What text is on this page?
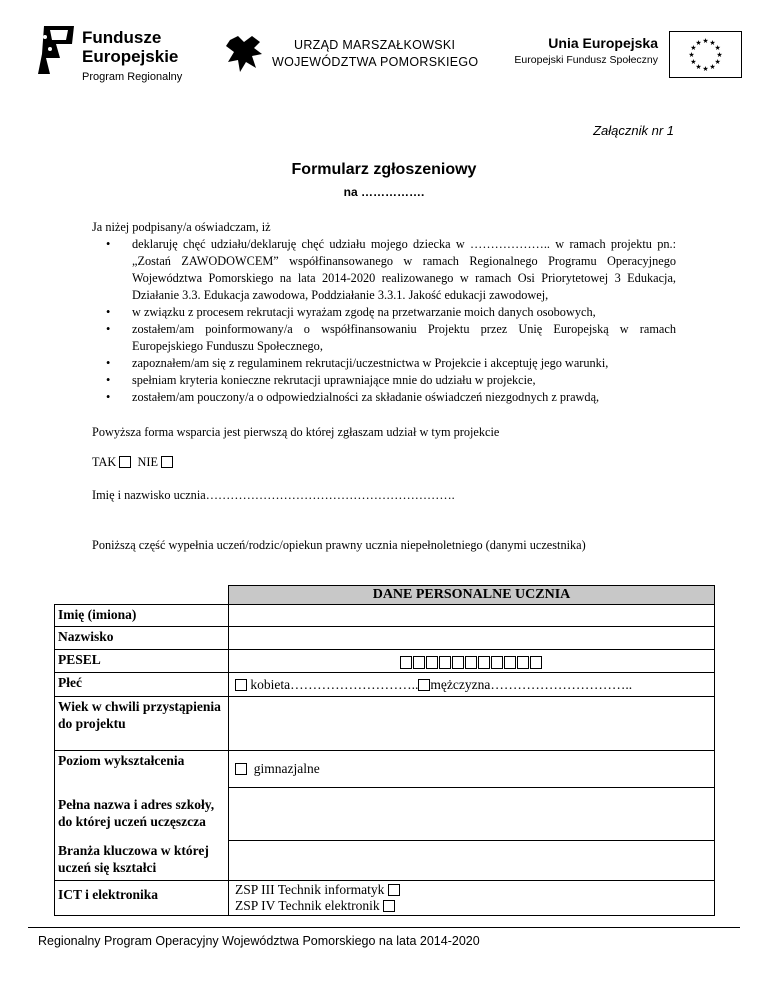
Fundusze
Europejskie
Program Regionalny
URZĄD MARSZAŁKOWSKI
WOJEWÓDZTWA POMORSKIEGO
Unia Europejska
Europejski Fundusz Społeczny
★ ★
★
★
★
★
★
★
★
★
★
★
Załącznik nr 1
Formularz zgłoszeniowy
na …………….
Ja niżej podpisany/a oświadczam, iż
• deklaruję chęć udziału/deklaruję chęć udziału mojego dziecka w ……………….. w ramach projektu pn.: „Zostań ZAWODOWCEM” współfinansowanego w ramach Regionalnego Programu Operacyjnego Województwa Pomorskiego na lata 2014-2020 realizowanego w ramach Osi Priorytetowej 3 Edukacja, Działanie 3.3. Edukacja zawodowa, Poddziałanie 3.3.1. Jakość edukacji zawodowej,
• w związku z procesem rekrutacji wyrażam zgodę na przetwarzanie moich danych osobowych,
• zostałem/am poinformowany/a o współfinansowaniu Projektu przez Unię Europejską w ramach Europejskiego Funduszu Społecznego,
• zapoznałem/am się z regulaminem rekrutacji/uczestnictwa w Projekcie i akceptuję jego warunki,
• spełniam kryteria konieczne rekrutacji uprawniające mnie do udziału w projekcie,
• zostałem/am pouczony/a o odpowiedzialności za składanie oświadczeń niezgodnych z prawdą,
Powyższa forma wsparcia jest pierwszą do której zgłaszam udział w tym projekcie
TAK NIE
Imię i nazwisko ucznia…………………………………………………….
Poniższą część wypełnia uczeń/rodzic/opiekun prawny ucznia niepełnoletniego (danymi uczestnika)
	DANE PERSONALNE UCZNIA
Imię (imiona)	
Nazwisko	
PESEL	
Płeć	kobieta……………………….. mężczyzna…………………………..
Wiek w chwili przystąpienia do projektu	
Poziom wykształcenia	gimnazjalne
Pełna nazwa i adres szkoły, do której uczeń uczęszcza	
Branża kluczowa w której uczeń się kształci	
ICT i elektronika	ZSP III Technik informatyk
ZSP IV Technik elektronik
Regionalny Program Operacyjny Województwa Pomorskiego na lata 2014-2020
